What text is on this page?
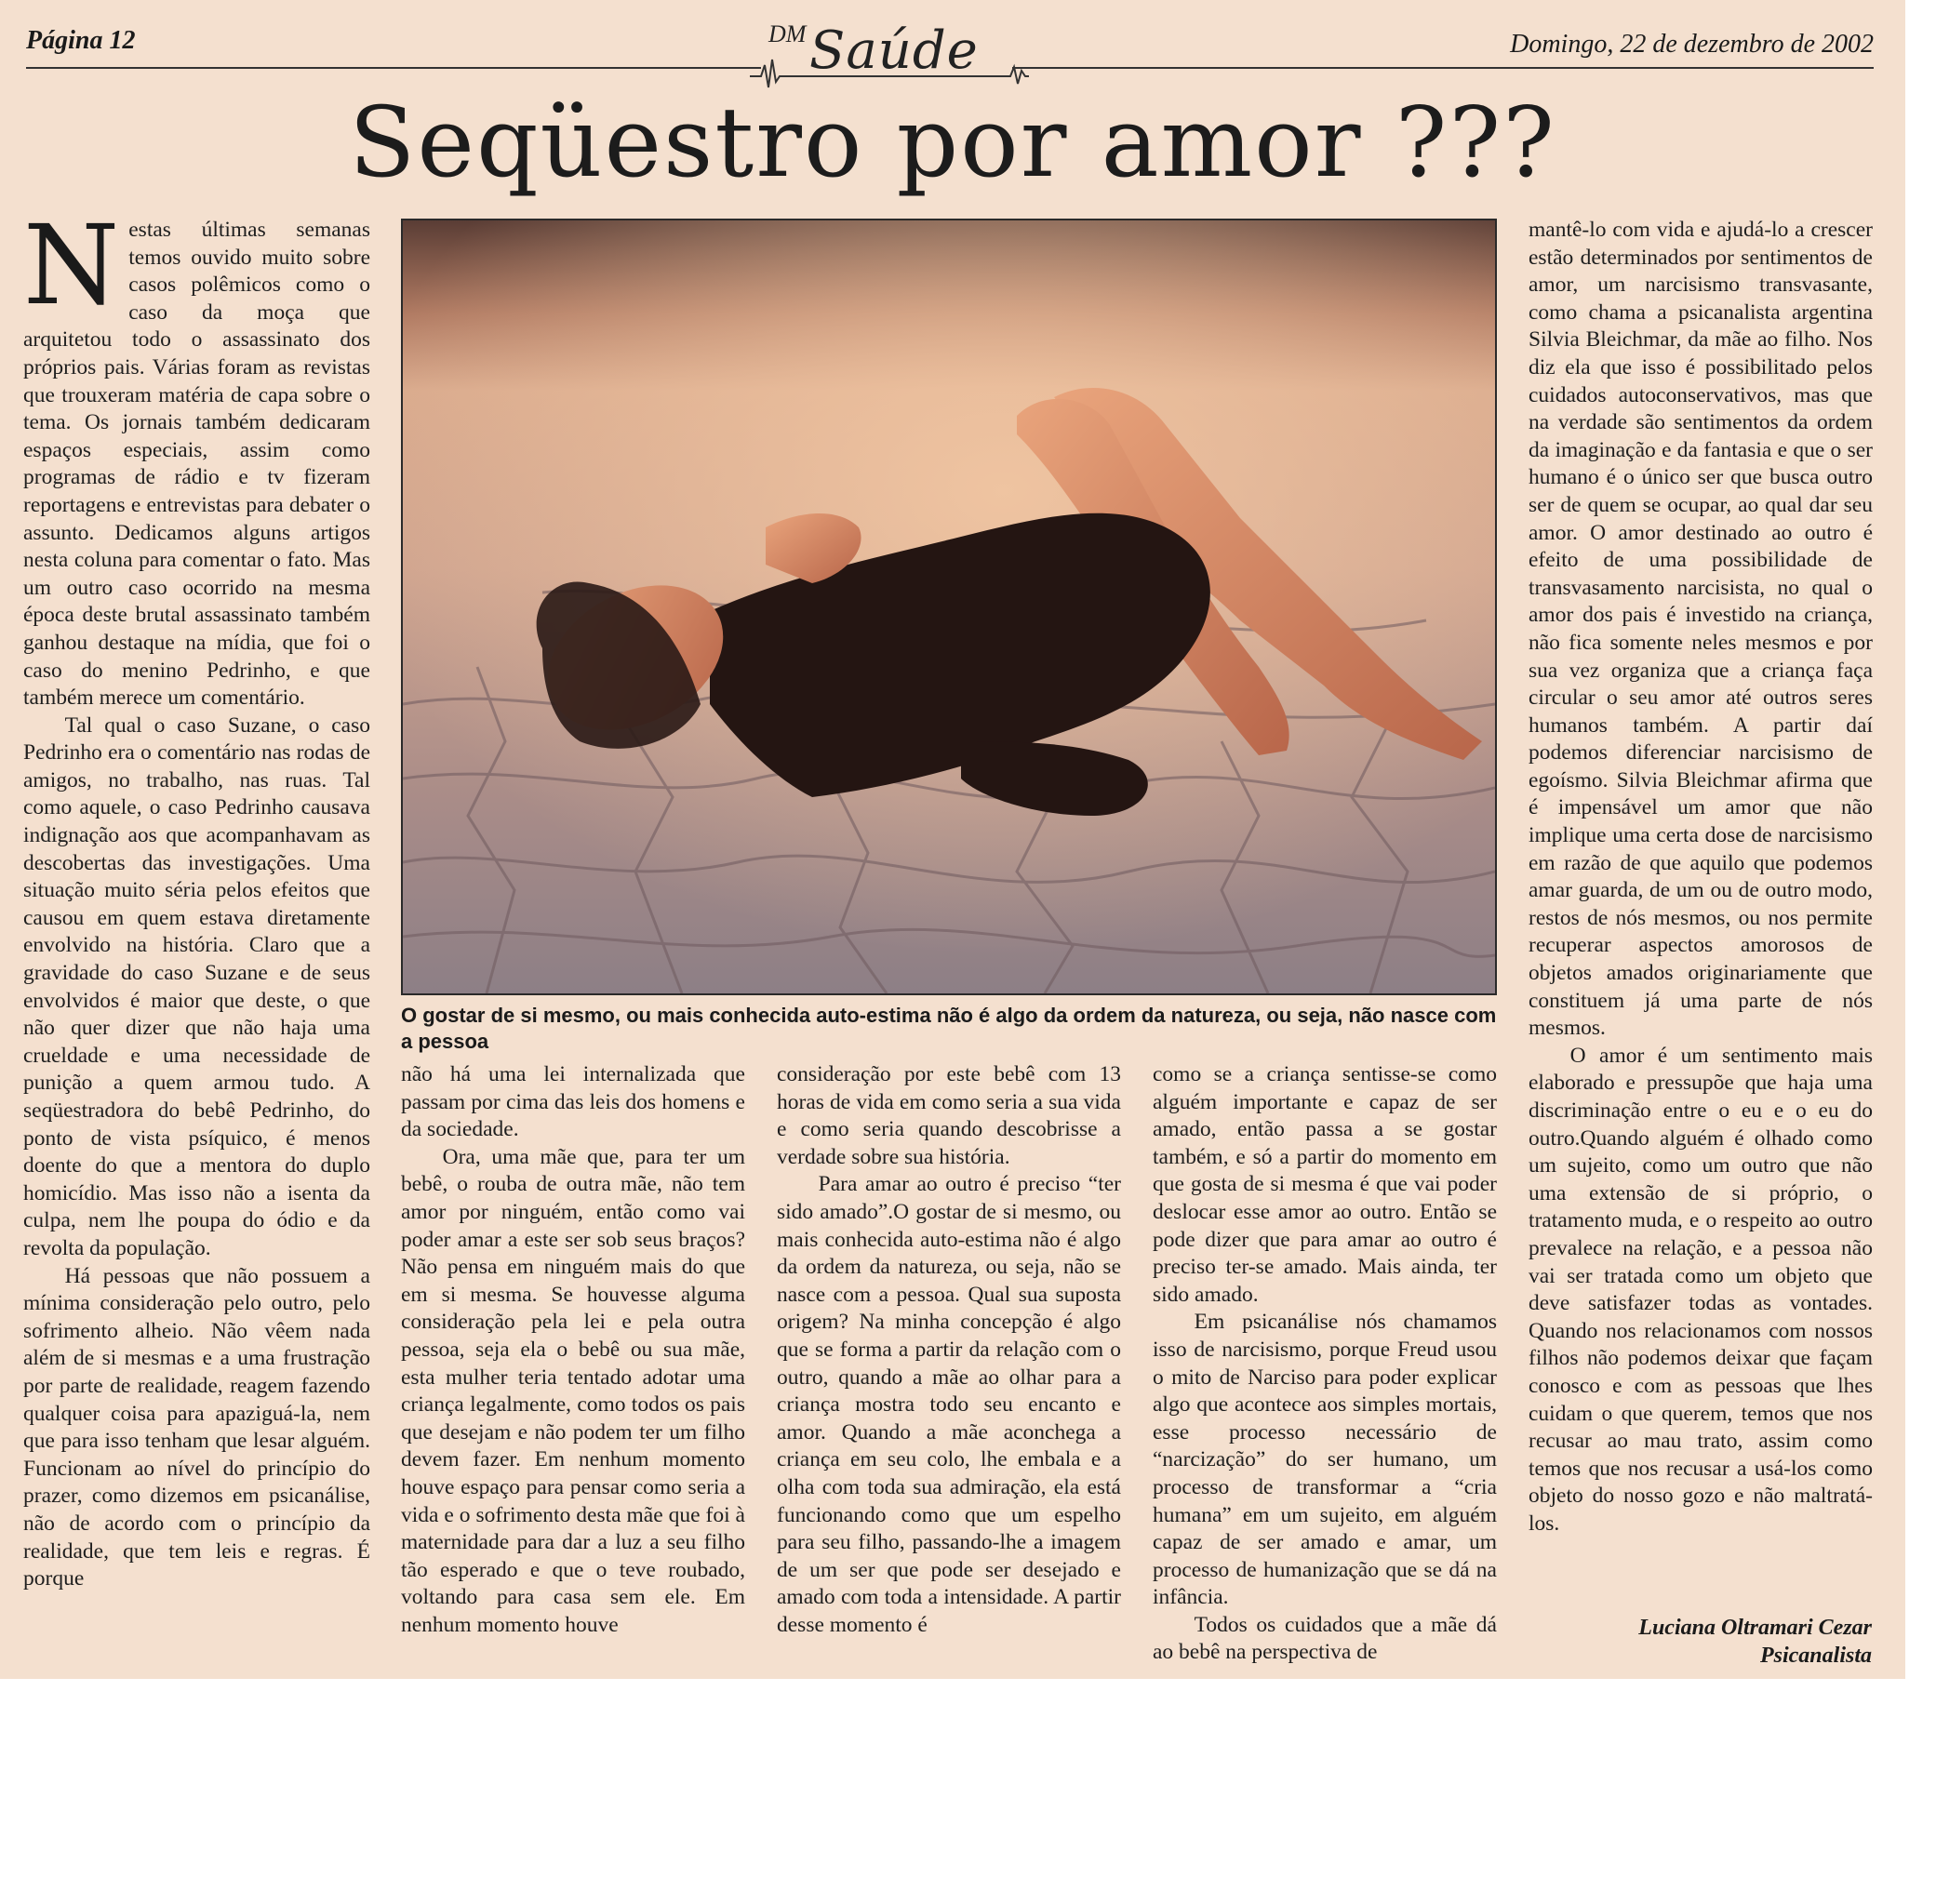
Página 12	Domingo, 22 de dezembro de 2002
DM Saúde
Seqüestro por amor ???
N estas últimas semanas temos ouvido muito sobre casos polêmicos como o caso da moça que arquitetou todo o assassinato dos próprios pais. Várias foram as revistas que trouxeram matéria de capa sobre o tema. Os jornais também dedicaram espaços especiais, assim como programas de rádio e tv fizeram reportagens e entrevistas para debater o assunto. Dedicamos alguns artigos nesta coluna para comentar o fato. Mas um outro caso ocorrido na mesma época deste brutal assassinato também ganhou destaque na mídia, que foi o caso do menino Pedrinho, e que também merece um comentário.

Tal qual o caso Suzane, o caso Pedrinho era o comentário nas rodas de amigos, no trabalho, nas ruas. Tal como aquele, o caso Pedrinho causava indignação aos que acompanhavam as descobertas das investigações. Uma situação muito séria pelos efeitos que causou em quem estava diretamente envolvido na história. Claro que a gravidade do caso Suzane e de seus envolvidos é maior que deste, o que não quer dizer que não haja uma crueldade e uma necessidade de punição a quem armou tudo. A seqüestradora do bebê Pedrinho, do ponto de vista psíquico, é menos doente do que a mentora do duplo homicídio. Mas isso não a isenta da culpa, nem lhe poupa do ódio e da revolta da população.

Há pessoas que não possuem a mínima consideração pelo outro, pelo sofrimento alheio. Não vêem nada além de si mesmas e a uma frustração por parte de realidade, reagem fazendo qualquer coisa para apaziguá-la, nem que para isso tenham que lesar alguém. Funcionam ao nível do princípio do prazer, como dizemos em psicanálise, não de acordo com o princípio da realidade, que tem leis e regras. É porque

O gostar de si mesmo, ou mais conhecida auto-estima não é algo da ordem da natureza, ou seja, não nasce com a pessoa

não há uma lei internalizada que passam por cima das leis dos homens e da sociedade.

Ora, uma mãe que, para ter um bebê, o rouba de outra mãe, não tem amor por ninguém, então como vai poder amar a este ser sob seus braços? Não pensa em ninguém mais do que em si mesma. Se houvesse alguma consideração pela lei e pela outra pessoa, seja ela o bebê ou sua mãe, esta mulher teria tentado adotar uma criança legalmente, como todos os pais que desejam e não podem ter um filho devem fazer. Em nenhum momento houve espaço para pensar como seria a vida e o sofrimento desta mãe que foi à maternidade para dar a luz a seu filho tão esperado e que o teve roubado, voltando para casa sem ele. Em nenhum momento houve

consideração por este bebê com 13 horas de vida em como seria a sua vida e como seria quando descobrisse a verdade sobre sua história.

Para amar ao outro é preciso “ter sido amado”.O gostar de si mesmo, ou mais conhecida auto-estima não é algo da ordem da natureza, ou seja, não se nasce com a pessoa. Qual sua suposta origem? Na minha concepção é algo que se forma a partir da relação com o outro, quando a mãe ao olhar para a criança mostra todo seu encanto e amor. Quando a mãe aconchega a criança em seu colo, lhe embala e a olha com toda sua admiração, ela está funcionando como que um espelho para seu filho, passando-lhe a imagem de um ser que pode ser desejado e amado com toda a intensidade. A partir desse momento é

como se a criança sentisse-se como alguém importante e capaz de ser amado, então passa a se gostar também, e só a partir do momento em que gosta de si mesma é que vai poder deslocar esse amor ao outro. Então se pode dizer que para amar ao outro é preciso ter-se amado. Mais ainda, ter sido amado.

Em psicanálise nós chamamos isso de narcisismo, porque Freud usou o mito de Narciso para poder explicar algo que acontece aos simples mortais, esse processo necessário de “narcização” do ser humano, um processo de transformar a “cria humana” em um sujeito, em alguém capaz de ser amado e amar, um processo de humanização que se dá na infância.

Todos os cuidados que a mãe dá ao bebê na perspectiva de

mantê-lo com vida e ajudá-lo a crescer estão determinados por sentimentos de amor, um narcisismo transvasante, como chama a psicanalista argentina Silvia Bleichmar, da mãe ao filho. Nos diz ela que isso é possibilitado pelos cuidados autoconservativos, mas que na verdade são sentimentos da ordem da imaginação e da fantasia e que o ser humano é o único ser que busca outro ser de quem se ocupar, ao qual dar seu amor. O amor destinado ao outro é efeito de uma possibilidade de transvasamento narcisista, no qual o amor dos pais é investido na criança, não fica somente neles mesmos e por sua vez organiza que a criança faça circular o seu amor até outros seres humanos também. A partir daí podemos diferenciar narcisismo de egoísmo. Silvia Bleichmar afirma que é impensável um amor que não implique uma certa dose de narcisismo em razão de que aquilo que podemos amar guarda, de um ou de outro modo, restos de nós mesmos, ou nos permite recuperar aspectos amorosos de objetos amados originariamente que constituem já uma parte de nós mesmos.

O amor é um sentimento mais elaborado e pressupõe que haja uma discriminação entre o eu e o eu do outro.Quando alguém é olhado como um sujeito, como um outro que não uma extensão de si próprio, o tratamento muda, e o respeito ao outro prevalece na relação, e a pessoa não vai ser tratada como um objeto que deve satisfazer todas as vontades. Quando nos relacionamos com nossos filhos não podemos deixar que façam conosco e com as pessoas que lhes cuidam o que querem, temos que nos recusar ao mau trato, assim como temos que nos recusar a usá-los como objeto do nosso gozo e não maltratá-los.

Luciana Oltramari Cezar
Psicanalista
